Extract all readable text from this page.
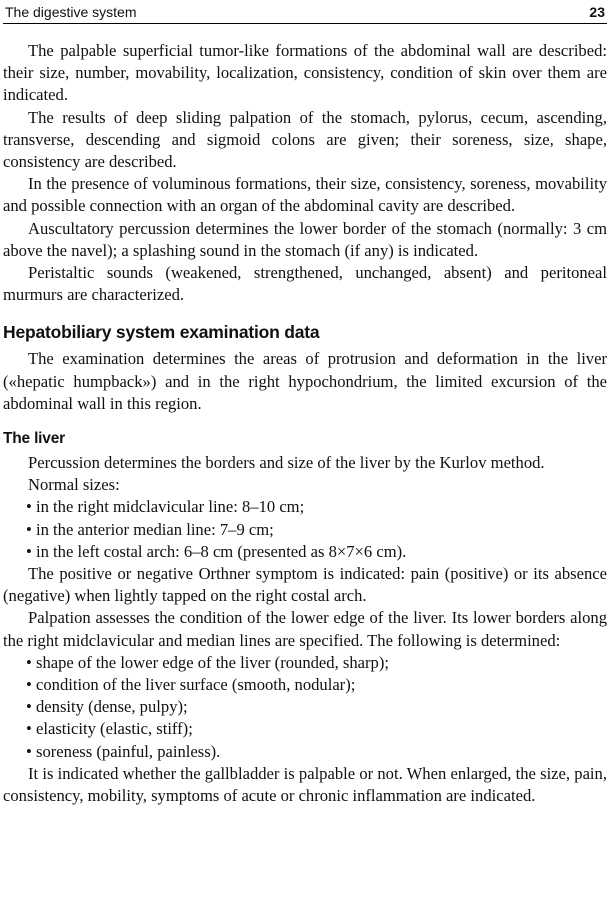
The digestive system	23

The palpable superficial tumor-like formations of the abdominal wall are described: their size, number, movability, localization, consistency, condition of skin over them are indicated.

The results of deep sliding palpation of the stomach, pylorus, cecum, ascending, transverse, descending and sigmoid colons are given; their soreness, size, shape, consistency are described.

In the presence of voluminous formations, their size, consistency, soreness, movability and possible connection with an organ of the abdominal cavity are described.

Auscultatory percussion determines the lower border of the stomach (normally: 3 cm above the navel); a splashing sound in the stomach (if any) is indicated.

Peristaltic sounds (weakened, strengthened, unchanged, absent) and peritoneal murmurs are characterized.

Hepatobiliary system examination data

The examination determines the areas of protrusion and deformation in the liver («hepatic humpback») and in the right hypochondrium, the limited excursion of the abdominal wall in this region.

The liver

Percussion determines the borders and size of the liver by the Kurlov method.

Normal sizes:

• in the right midclavicular line: 8–10 cm;
• in the anterior median line: 7–9 cm;
• in the left costal arch: 6–8 cm (presented as 8×7×6 cm).

The positive or negative Orthner symptom is indicated: pain (positive) or its absence (negative) when lightly tapped on the right costal arch.

Palpation assesses the condition of the lower edge of the liver. Its lower borders along the right midclavicular and median lines are specified. The following is determined:

• shape of the lower edge of the liver (rounded, sharp);
• condition of the liver surface (smooth, nodular);
• density (dense, pulpy);
• elasticity (elastic, stiff);
• soreness (painful, painless).

It is indicated whether the gallbladder is palpable or not. When enlarged, the size, pain, consistency, mobility, symptoms of acute or chronic inflammation are indicated.
